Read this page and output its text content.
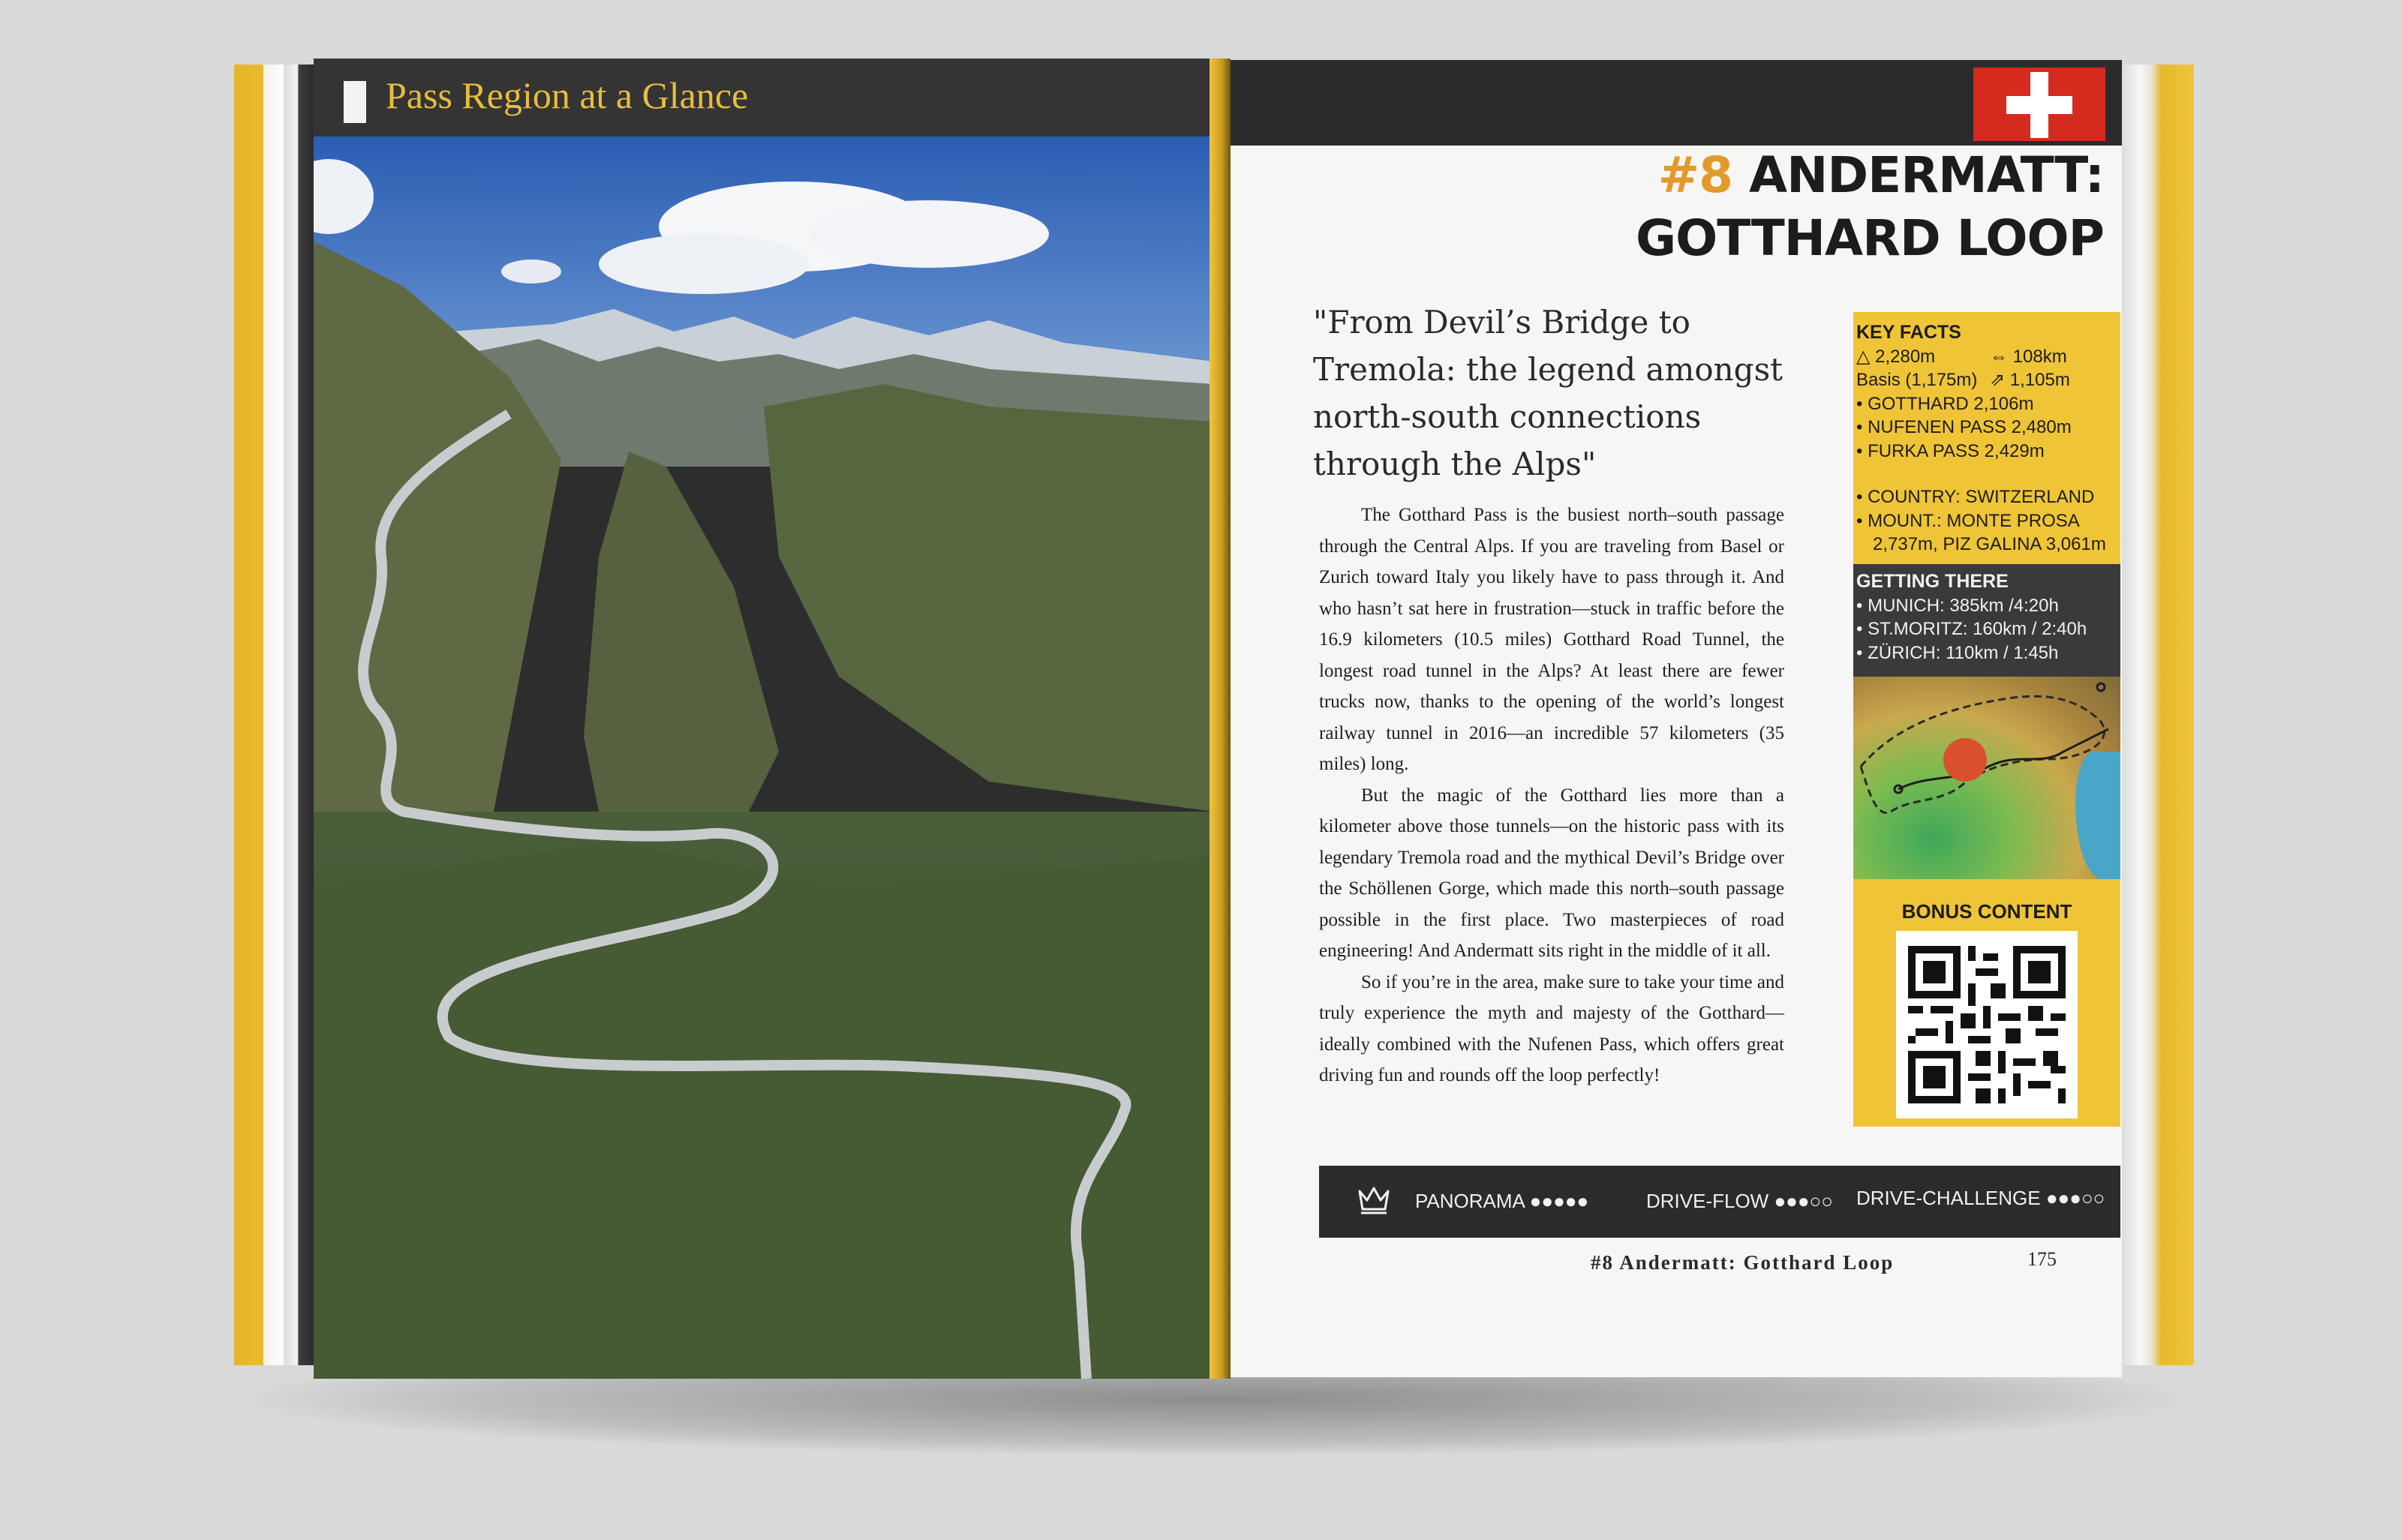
Pass Region at a Glance
#8 ANDERMATT:
GOTTHARD LOOP
"From Devil’s Bridge to Tremola: the legend amongst north-south connections through the Alps"

The Gotthard Pass is the busiest north–south passage through the Central Alps. If you are traveling from Basel or Zurich toward Italy you likely have to pass through it. And who hasn’t sat here in frustration—stuck in traffic before the 16.9 kilometers (10.5 miles) Gotthard Road Tunnel, the longest road tunnel in the Alps? At least there are fewer trucks now, thanks to the opening of the world’s longest railway tunnel in 2016—an incredible 57 kilometers (35 miles) long.

But the magic of the Gotthard lies more than a kilometer above those tunnels—on the historic pass with its legendary Tremola road and the mythical Devil’s Bridge over the Schöllenen Gorge, which made this north–south passage possible in the first place. Two masterpieces of road engineering! And Andermatt sits right in the middle of it all.

So if you’re in the area, make sure to take your time and truly experience the myth and majesty of the Gotthard—ideally combined with the Nufenen Pass, which offers great driving fun and rounds off the loop perfectly!

KEY FACTS
△ 2,280m	⇔ 108km
Basis (1,175m) ⇗ 1,105m
• GOTTHARD 2,106m
• NUFENEN PASS 2,480m
• FURKA PASS 2,429m
• COUNTRY: SWITZERLAND
• MOUNT.: MONTE PROSA
2,737m, PIZ GALINA 3,061m
GETTING THERE
• MUNICH: 385km /4:20h
• ST.MORITZ: 160km / 2:40h
• ZÜRICH: 110km / 1:45h
BONUS CONTENT
PANORAMA ●●●●●	DRIVE-FLOW ●●●○○ DRIVE-CHALLENGE ●●●○○
#8 Andermatt: Gotthard Loop	175
